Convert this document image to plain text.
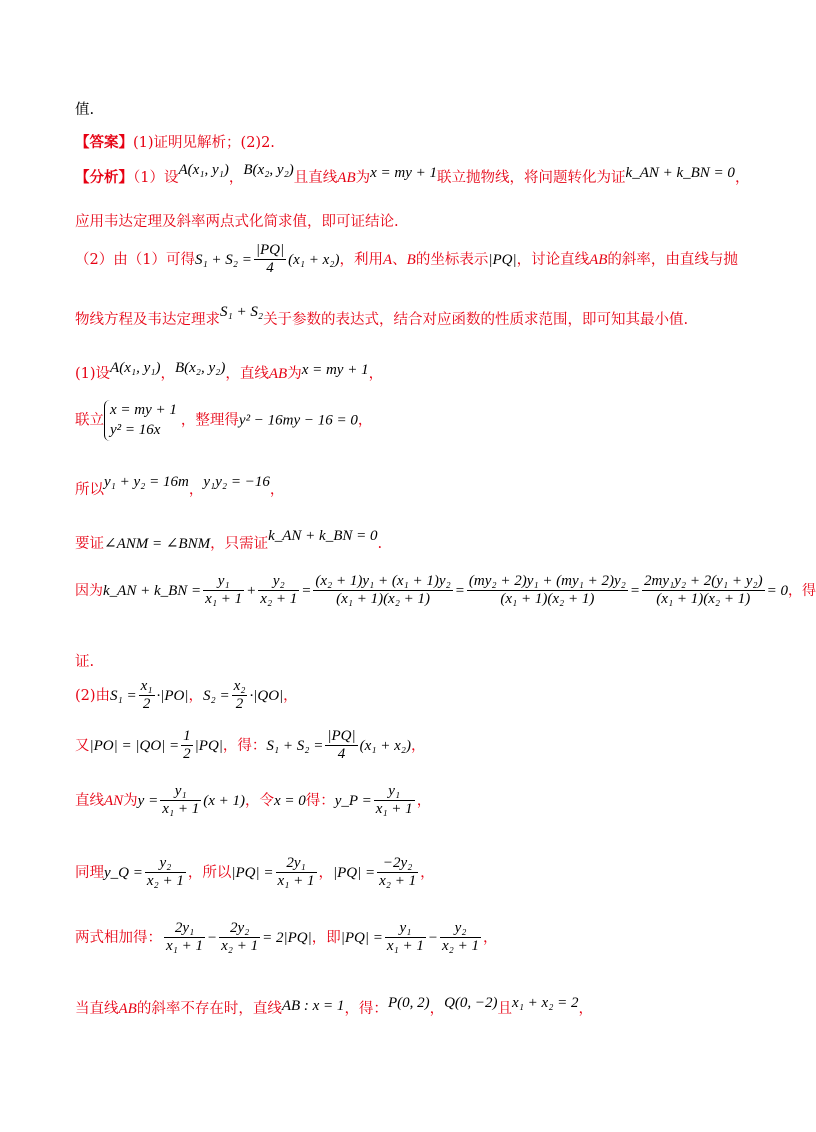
值.
【答案】(1)证明见解析；(2)2.
【分析】（1）设A(x₁, y₁)，B(x₂, y₂)且直线AB为x = my + 1联立抛物线，将问题转化为证k_AN + k_BN = 0，
应用韦达定理及斜率两点式化简求值，即可证结论.
（2）由（1）可得$S_1 + S_2 = \frac{|PQ|}{4} (x_1 + x_2)$，利用A、B的坐标表示|PQ|，讨论直线AB的斜率，由直线与抛
物线方程及韦达定理求S₁ + S₂关于参数的表达式，结合对应函数的性质求范围，即可知其最小值.
(1)设A(x₁, y₁)，B(x₂, y₂)，直线AB为x = my + 1，
联立
x = my + 1
y² = 16x
，整理得y² − 16my − 16 = 0，
所以y₁ + y₂ = 16m，y₁y₂ = −16，
要证∠ANM = ∠BNM，只需证k_AN + k_BN = 0.
因为k_AN + k_BN = $\frac{\text{y₁}}{\text{x₁ + 1}} + \frac{\text{y₂}}{\text{x₂ + 1}} = \frac{\text{(x₂ + 1)y₁ + (x₁ + 1)y₂}}{\text{(x₁ + 1)(x₂ + 1)}} = \frac{\text{(my₂ + 2)y₁ + (my₁ + 2)y₂}}{\text{(x₁ + 1)(x₂ + 1)}} = \frac{\text{2my₁y₂ + 2(y₁ + y₂)}}{\text{(x₁ + 1)(x₂ + 1)}} = 0$，得
证.
(2)由$S_1 = \frac{\text{x₁}}{2} \cdot|PO|$，$S_2 = \frac{\text{x₂}}{2} \cdot|QO|$，
又$|PO| = |QO| = \frac{1}{2} |PQ|$，得：$S_1 + S_2 = \frac{|PQ|}{4} (x_1 + x_2)$，
直线AN为$y = \frac{\text{y₁}}{\text{x₁ + 1}} (x + 1)$，令x = 0得：y_P = $\frac{\text{y₁}}{\text{x₁ + 1}}$ ，
同理y_Q = $\frac{\text{y₂}}{\text{x₂ + 1}}$ ，所以$|PQ| = \frac{\text{2y₁}}{\text{x₁ + 1}}$ ，$|PQ| = \frac{\text{−2y₂}}{\text{x₂ + 1}}$ ，
两式相加得： $\frac{\text{2y₁}}{\text{x₁ + 1}} - \frac{\text{2y₂}}{\text{x₂ + 1}} = 2|PQ|$，即$|PQ| = \frac{\text{y₁}}{\text{x₁ + 1}} - \frac{\text{y₂}}{\text{x₂ + 1}}$ ，
当直线AB的斜率不存在时，直线AB : x = 1，得：P(0, 2)，Q(0, −2)且x₁ + x₂ = 2，
